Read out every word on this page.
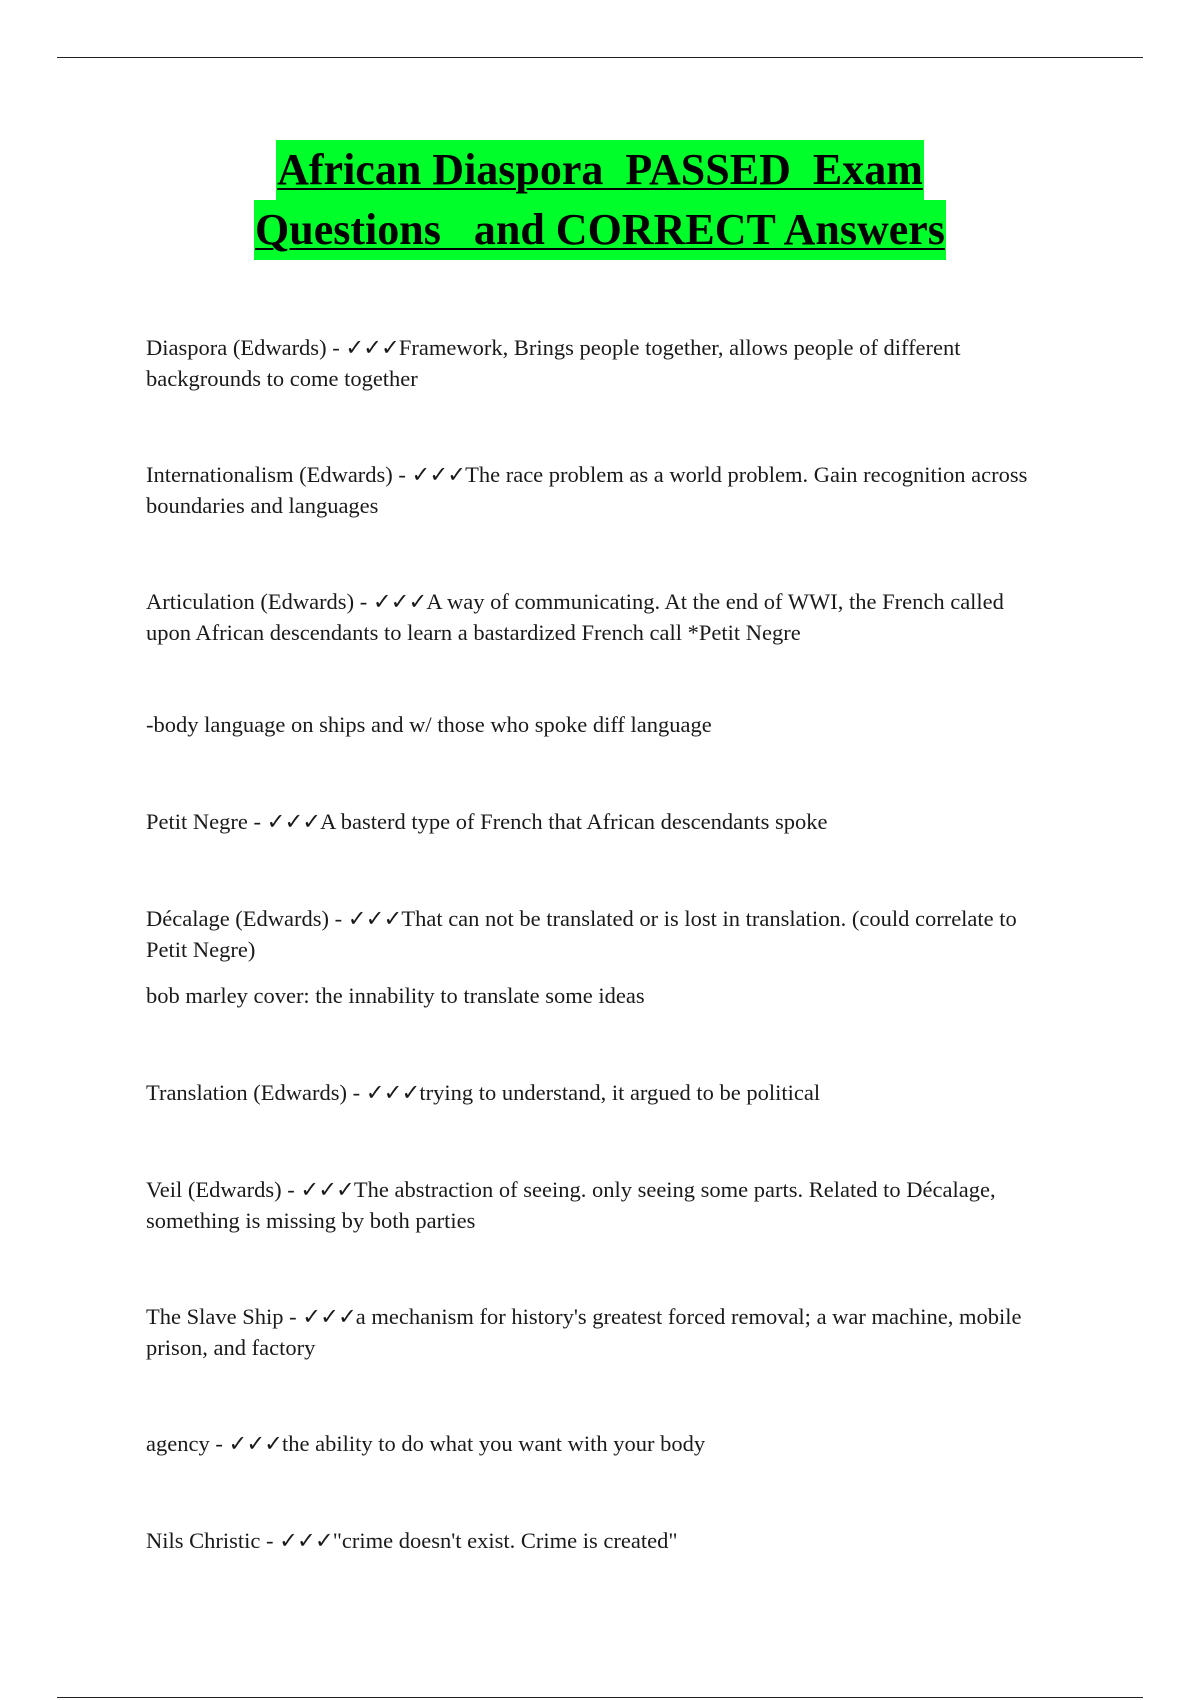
African Diaspora  PASSED  Exam
Questions   and CORRECT Answers
Diaspora (Edwards) - ✓✓✓Framework, Brings people together, allows people of different backgrounds to come together
Internationalism (Edwards) - ✓✓✓The race problem as a world problem. Gain recognition across boundaries and languages
Articulation (Edwards) - ✓✓✓A way of communicating. At the end of WWI, the French called upon African descendants to learn a bastardized French call *Petit Negre
-body language on ships and w/ those who spoke diff language
Petit Negre - ✓✓✓A basterd type of French that African descendants spoke
Décalage (Edwards) - ✓✓✓That can not be translated or is lost in translation. (could correlate to Petit Negre)
bob marley cover: the innability to translate some ideas
Translation (Edwards) - ✓✓✓trying to understand, it argued to be political
Veil (Edwards) - ✓✓✓The abstraction of seeing. only seeing some parts. Related to Décalage, something is missing by both parties
The Slave Ship - ✓✓✓a mechanism for history's greatest forced removal; a war machine, mobile prison, and factory
agency - ✓✓✓the ability to do what you want with your body
Nils Christic - ✓✓✓"crime doesn't exist. Crime is created"
